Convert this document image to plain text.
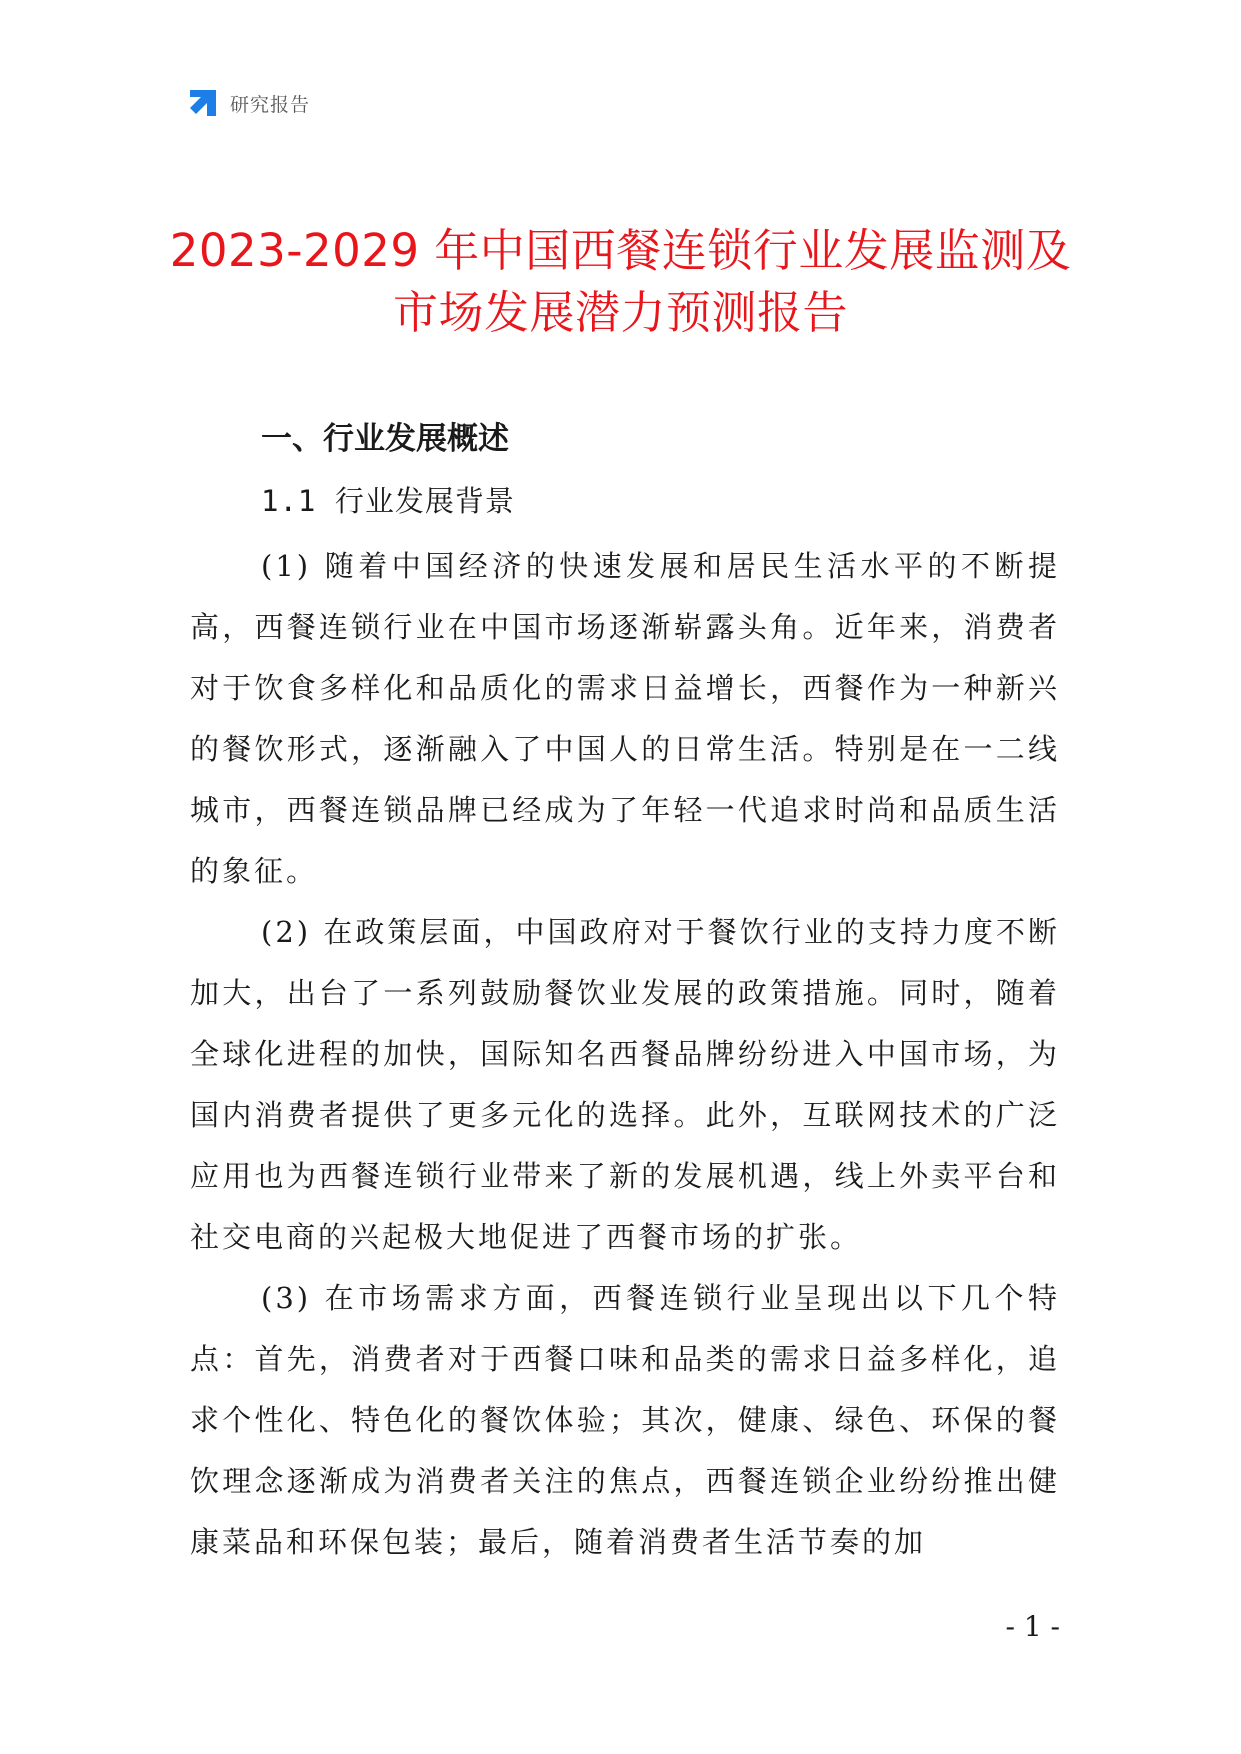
研究报告
2023-2029 年中国西餐连锁行业发展监测及
市场发展潜力预测报告
一、行业发展概述
1.1 行业发展背景

(1) 随着中国经济的快速发展和居民生活水平的不断提高，西餐连锁行业在中国市场逐渐崭露头角。近年来，消费者对于饮食多样化和品质化的需求日益增长，西餐作为一种新兴的餐饮形式，逐渐融入了中国人的日常生活。特别是在一二线城市，西餐连锁品牌已经成为了年轻一代追求时尚和品质生活的象征。

(2) 在政策层面，中国政府对于餐饮行业的支持力度不断加大，出台了一系列鼓励餐饮业发展的政策措施。同时，随着全球化进程的加快，国际知名西餐品牌纷纷进入中国市场，为国内消费者提供了更多元化的选择。此外，互联网技术的广泛应用也为西餐连锁行业带来了新的发展机遇，线上外卖平台和社交电商的兴起极大地促进了西餐市场的扩张。

(3) 在市场需求方面，西餐连锁行业呈现出以下几个特点：首先，消费者对于西餐口味和品类的需求日益多样化，追求个性化、特色化的餐饮体验；其次，健康、绿色、环保的餐饮理念逐渐成为消费者关注的焦点，西餐连锁企业纷纷推出健康菜品和环保包装；最后，随着消费者生活节奏的加

- 1 -
